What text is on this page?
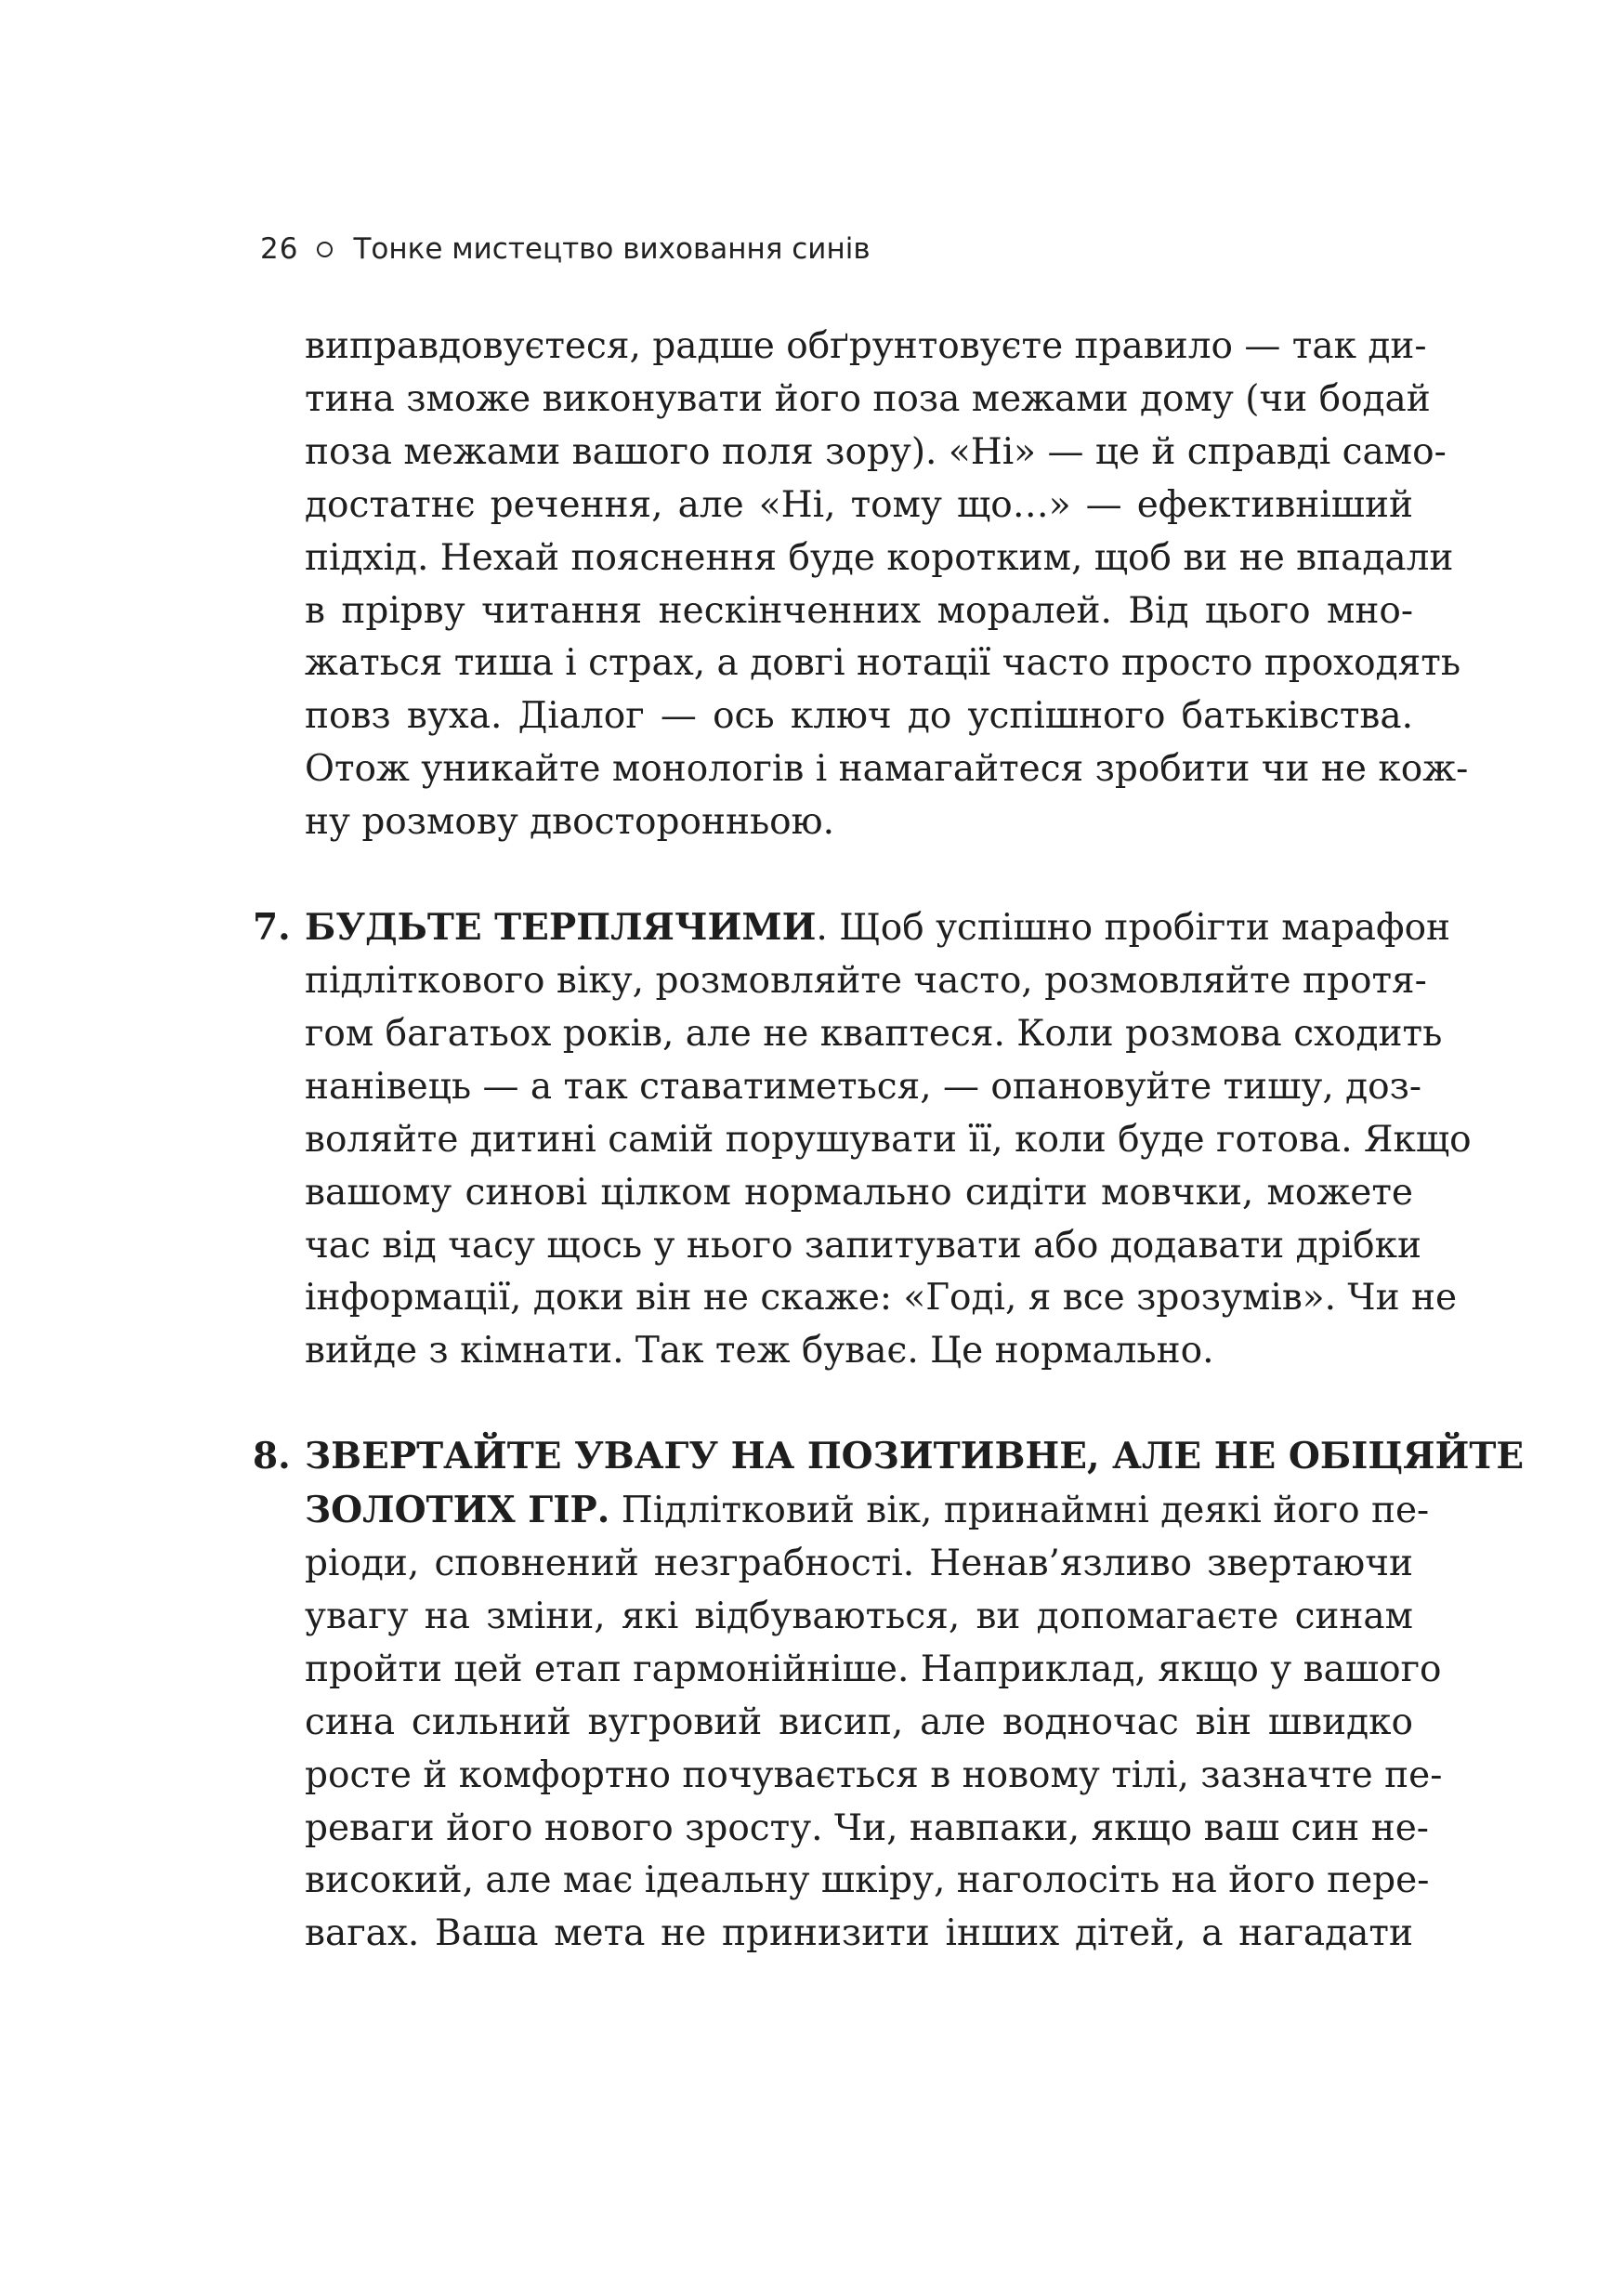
26 Тонке мистецтво виховання синів
виправдовуєтеся, радше обґрунтовуєте правило — так ди-
тина зможе виконувати його поза межами дому (чи бодай
поза межами вашого поля зору). «Ні» — це й справді само-
достатнє речення, але «Ні, тому що…» — ефективніший
підхід. Нехай пояснення буде коротким, щоб ви не впадали
в прірву читання нескінченних моралей. Від цього мно-
жаться тиша і страх, а довгі нотації часто просто проходять
повз вуха. Діалог — ось ключ до успішного батьківства.
Отож уникайте монологів і намагайтеся зробити чи не кож-
ну розмову двосторонньою.
7. БУДЬТЕ ТЕРПЛЯЧИМИ. Щоб успішно пробігти марафон
підліткового віку, розмовляйте часто, розмовляйте протя-
гом багатьох років, але не кваптеся. Коли розмова сходить
нанівець — а так ставатиметься, — опановуйте тишу, доз-
воляйте дитині самій порушувати її, коли буде готова. Якщо
вашому синові цілком нормально сидіти мовчки, можете
час від часу щось у нього запитувати або додавати дрібки
інформації, доки він не скаже: «Годі, я все зрозумів». Чи не
вийде з кімнати. Так теж буває. Це нормально.
8. ЗВЕРТАЙТЕ УВАГУ НА ПОЗИТИВНЕ, АЛЕ НЕ ОБІЦЯЙТЕ
ЗОЛОТИХ ГІР. Підлітковий вік, принаймні деякі його пе-
ріоди, сповнений незграбності. Ненав’язливо звертаючи
увагу на зміни, які відбуваються, ви допомагаєте синам
пройти цей етап гармонійніше. Наприклад, якщо у вашого
сина сильний вугровий висип, але водночас він швидко
росте й комфортно почувається в новому тілі, зазначте пе-
реваги його нового зросту. Чи, навпаки, якщо ваш син не-
високий, але має ідеальну шкіру, наголосіть на його пере-
вагах. Ваша мета не принизити інших дітей, а нагадати
